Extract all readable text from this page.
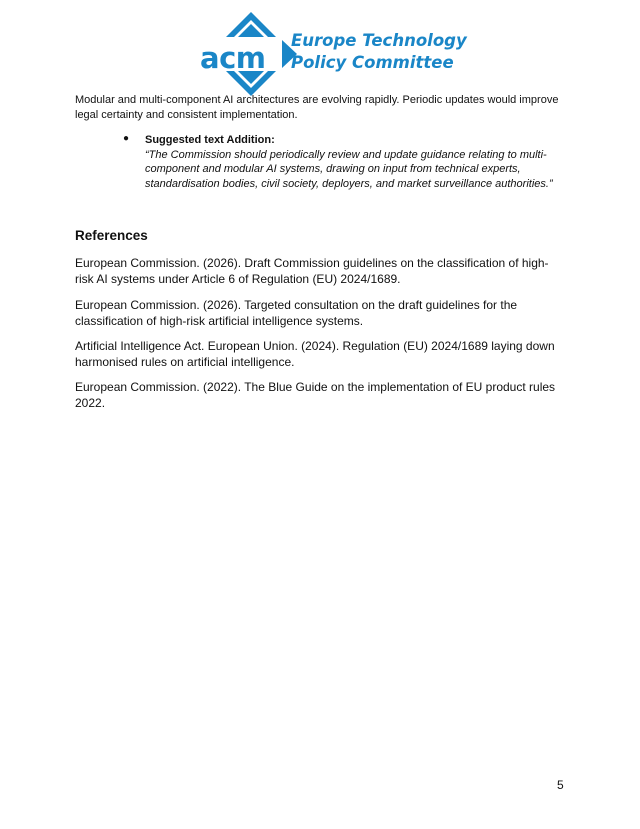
acm
Europe Technology
Policy Committee
Modular and multi-component AI architectures are evolving rapidly. Periodic updates would improve legal certainty and consistent implementation.
● Suggested text Addition:
“The Commission should periodically review and update guidance relating to multi-component and modular AI systems, drawing on input from technical experts, standardisation bodies, civil society, deployers, and market surveillance authorities.”
References
European Commission. (2026). Draft Commission guidelines on the classification of high-risk AI systems under Article 6 of Regulation (EU) 2024/1689.
European Commission. (2026). Targeted consultation on the draft guidelines for the classification of high-risk artificial intelligence systems.
Artificial Intelligence Act. European Union. (2024). Regulation (EU) 2024/1689 laying down harmonised rules on artificial intelligence.
European Commission. (2022). The Blue Guide on the implementation of EU product rules 2022.
5
